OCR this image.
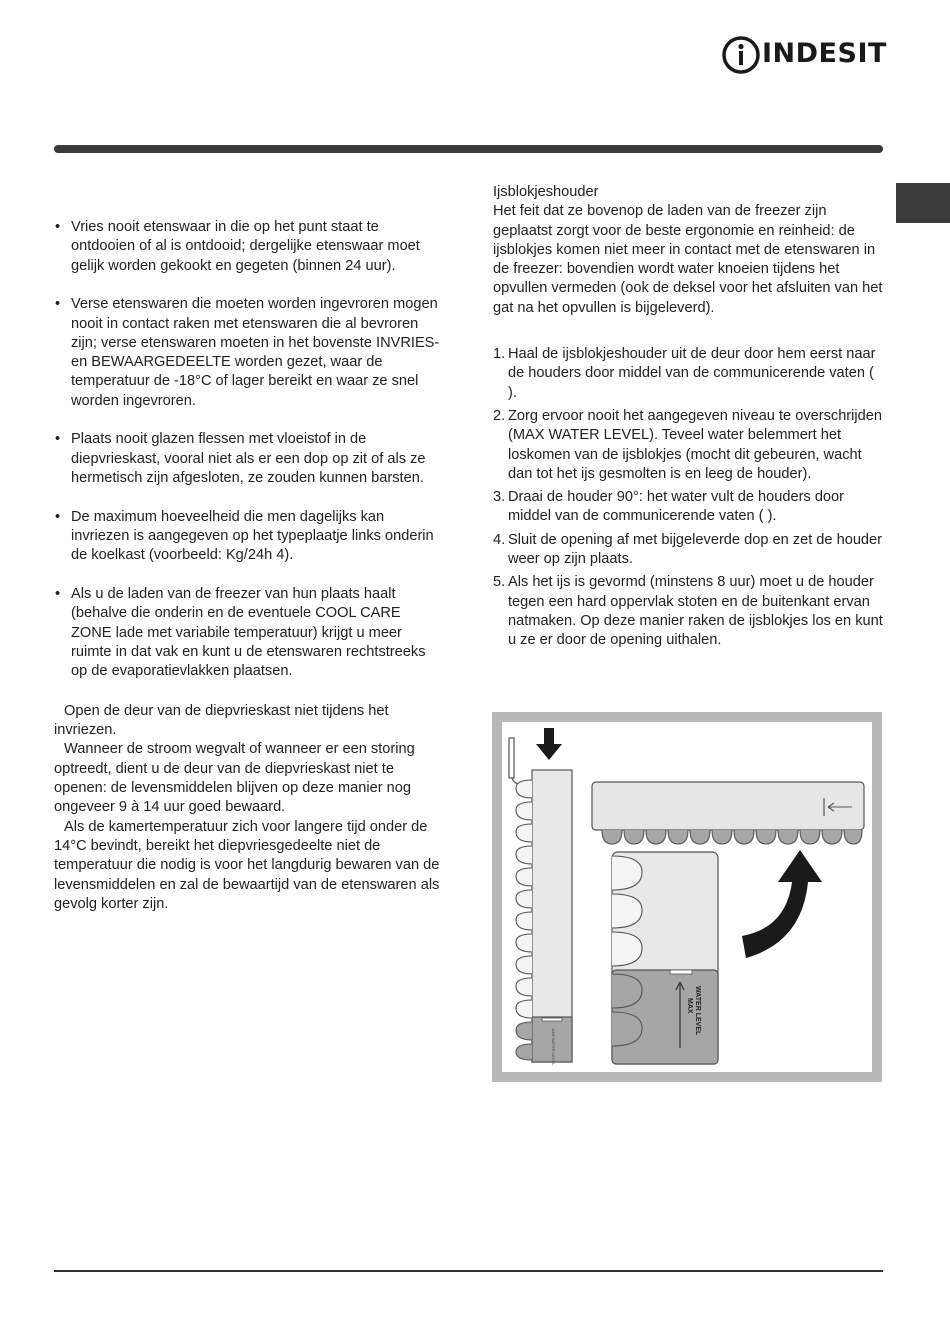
INDESIT

• Vries nooit etenswaar in die op het punt staat te ontdooien of al is ontdooid; dergelijke etenswaar moet gelijk worden gekookt en gegeten (binnen 24 uur).

• Verse etenswaren die moeten worden ingevroren mogen nooit in contact raken met etenswaren die al bevroren zijn; verse etenswaren moeten in het bovenste INVRIES- en BEWAARGEDEELTE worden gezet, waar de temperatuur de -18°C of lager bereikt en waar ze snel worden ingevroren.

• Plaats nooit glazen flessen met vloeistof in de diepvrieskast, vooral niet als er een dop op zit of als ze hermetisch zijn afgesloten, ze zouden kunnen barsten.

• De maximum hoeveelheid die men dagelijks kan invriezen is aangegeven op het typeplaatje links onderin de koelkast (voorbeeld: Kg/24h 4).

• Als u de laden van de freezer van hun plaats haalt (behalve die onderin en de eventuele COOL CARE ZONE lade met variabile temperatuur) krijgt u meer ruimte in dat vak en kunt u de etenswaren rechtstreeks op de evaporatievlakken plaatsen.

Open de deur van de diepvrieskast niet tijdens het invriezen.

Wanneer de stroom wegvalt of wanneer er een storing optreedt, dient u de deur van de diepvrieskast niet te openen: de levensmiddelen blijven op deze manier nog ongeveer 9 à 14 uur goed bewaard.

Als de kamertemperatuur zich voor langere tijd onder de 14°C bevindt, bereikt het diepvriesgedeelte niet de temperatuur die nodig is voor het langdurig bewaren van de levensmiddelen en zal de bewaartijd van de etenswaren als gevolg korter zijn.

Ijsblokjeshouder

Het feit dat ze bovenop de laden van de freezer zijn geplaatst zorgt voor de beste ergonomie en reinheid: de ijsblokjes komen niet meer in contact met de etenswaren in de freezer: bovendien wordt water knoeien tijdens het opvullen vermeden (ook de deksel voor het afsluiten van het gat na het opvullen is bijgeleverd).

1. Haal de ijsblokjeshouder uit de deur door hem eerst naar de houders door middel van de communicerende vaten ( ).
2. Zorg ervoor nooit het aangegeven niveau te overschrijden (MAX WATER LEVEL). Teveel water belemmert het loskomen van de ijsblokjes (mocht dit gebeuren, wacht dan tot het ijs gesmolten is en leeg de houder).
3. Draai de houder 90°: het water vult de houders door middel van de communicerende vaten ( ).
4. Sluit de opening af met bijgeleverde dop en zet de houder weer op zijn plaats.
5. Als het ijs is gevormd (minstens 8 uur) moet u de houder tegen een hard oppervlak stoten en de buitenkant ervan natmaken. Op deze manier raken de ijsblokjes los en kunt u ze er door de opening uithalen.
MAX WATER LEVEL
MAX WATER LEVEL
